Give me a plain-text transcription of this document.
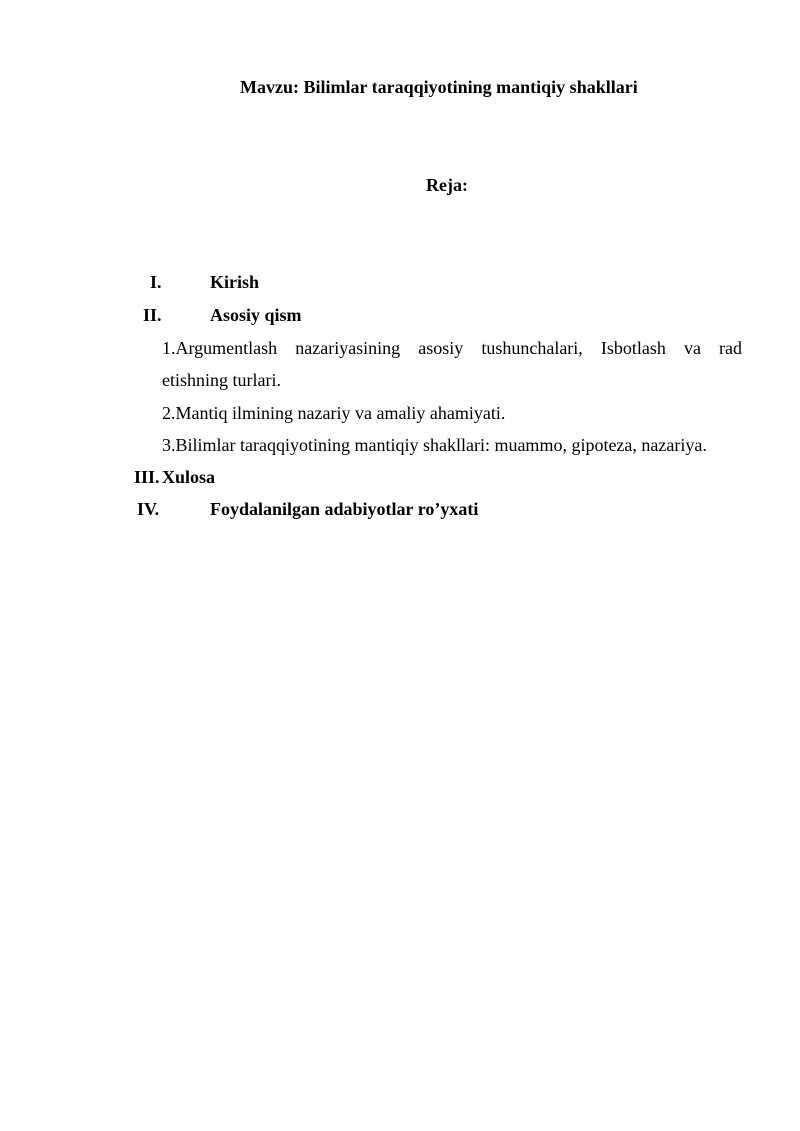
Mavzu: Bilimlar taraqqiyotining mantiqiy shakllari
Reja:
I.	Kirish
II.	Asosiy qism
1.Argumentlash nazariyasining asosiy tushunchalari, Isbotlash va rad
etishning turlari.
2.Mantiq ilmining nazariy va amaliy ahamiyati.
3.Bilimlar taraqqiyotining mantiqiy shakllari: muammo, gipoteza, nazariya.
III. Xulosa
IV.	Foydalanilgan adabiyotlar ro’yxati
